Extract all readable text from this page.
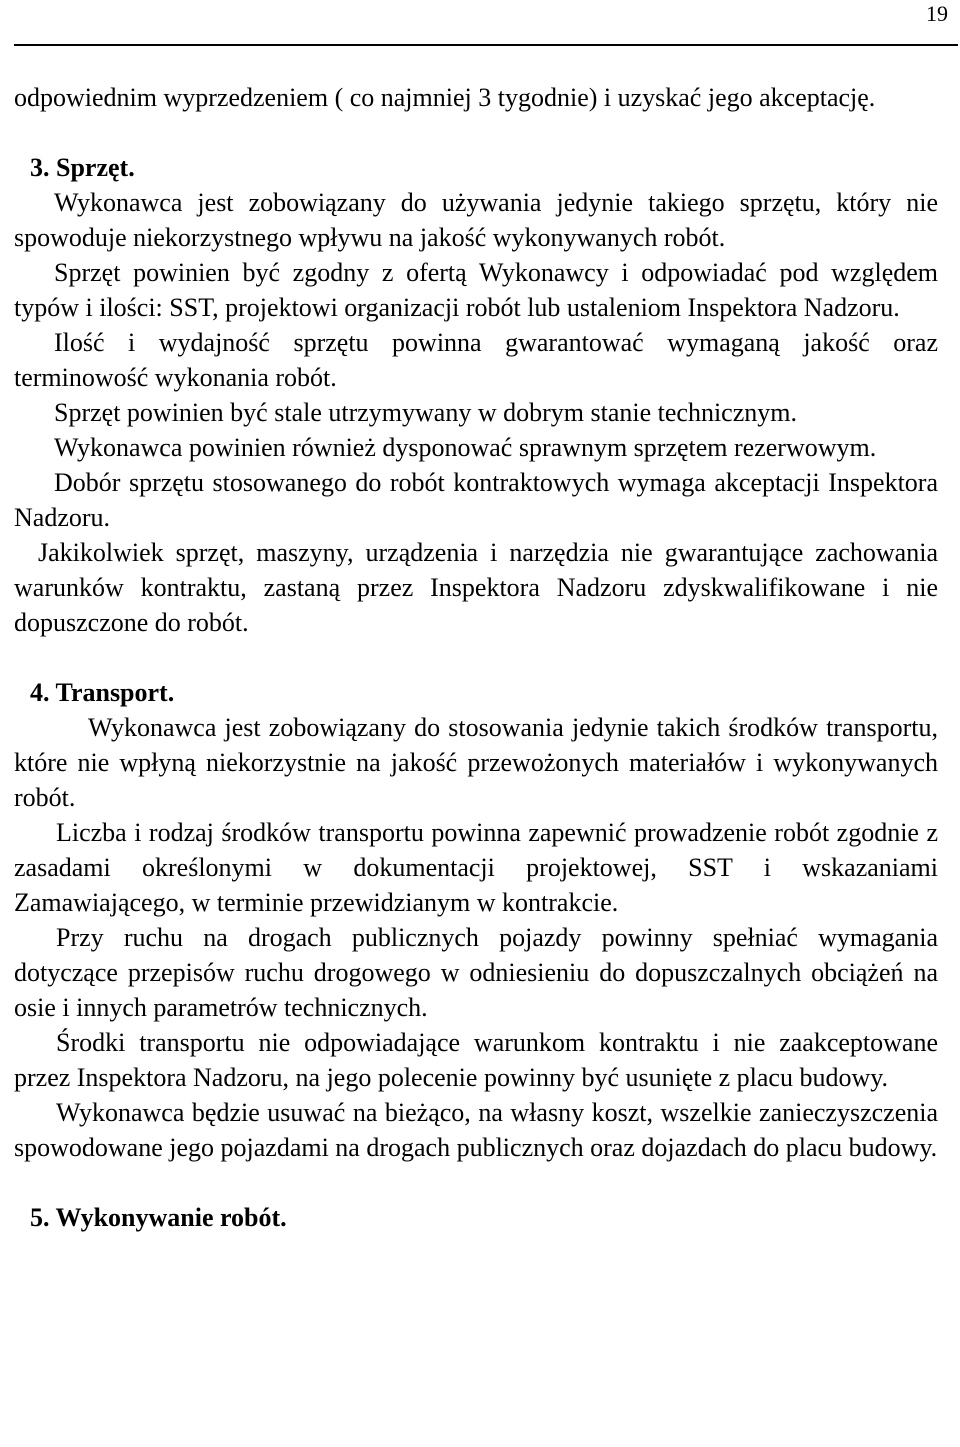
19

odpowiednim wyprzedzeniem ( co najmniej 3 tygodnie) i uzyskać jego akceptację.

3. Sprzęt.

Wykonawca jest zobowiązany do używania jedynie takiego sprzętu, który nie spowoduje niekorzystnego wpływu na jakość wykonywanych robót.

Sprzęt powinien być zgodny z ofertą Wykonawcy i odpowiadać pod względem typów i ilości: SST, projektowi organizacji robót lub ustaleniom Inspektora Nadzoru.

Ilość i wydajność sprzętu powinna gwarantować wymaganą jakość oraz terminowość wykonania robót.

Sprzęt powinien być stale utrzymywany w dobrym stanie technicznym.

Wykonawca powinien również dysponować sprawnym sprzętem rezerwowym.

Dobór sprzętu stosowanego do robót kontraktowych wymaga akceptacji Inspektora Nadzoru.

Jakikolwiek sprzęt, maszyny, urządzenia i narzędzia nie gwarantujące zachowania warunków kontraktu, zastaną przez Inspektora Nadzoru zdyskwalifikowane i nie dopuszczone do robót.

4. Transport.

Wykonawca jest zobowiązany do stosowania jedynie takich środków transportu, które nie wpłyną niekorzystnie na jakość przewożonych materiałów i wykonywanych robót.

Liczba i rodzaj środków transportu powinna zapewnić prowadzenie robót zgodnie z zasadami określonymi w dokumentacji projektowej, SST i wskazaniami Zamawiającego, w terminie przewidzianym w kontrakcie.

Przy ruchu na drogach publicznych pojazdy powinny spełniać wymagania dotyczące przepisów ruchu drogowego w odniesieniu do dopuszczalnych obciążeń na osie i innych parametrów technicznych.

Środki transportu nie odpowiadające warunkom kontraktu i nie zaakceptowane przez Inspektora Nadzoru, na jego polecenie powinny być usunięte z placu budowy.

Wykonawca będzie usuwać na bieżąco, na własny koszt, wszelkie zanieczyszczenia spowodowane jego pojazdami na drogach publicznych oraz dojazdach do placu budowy.

5. Wykonywanie robót.
